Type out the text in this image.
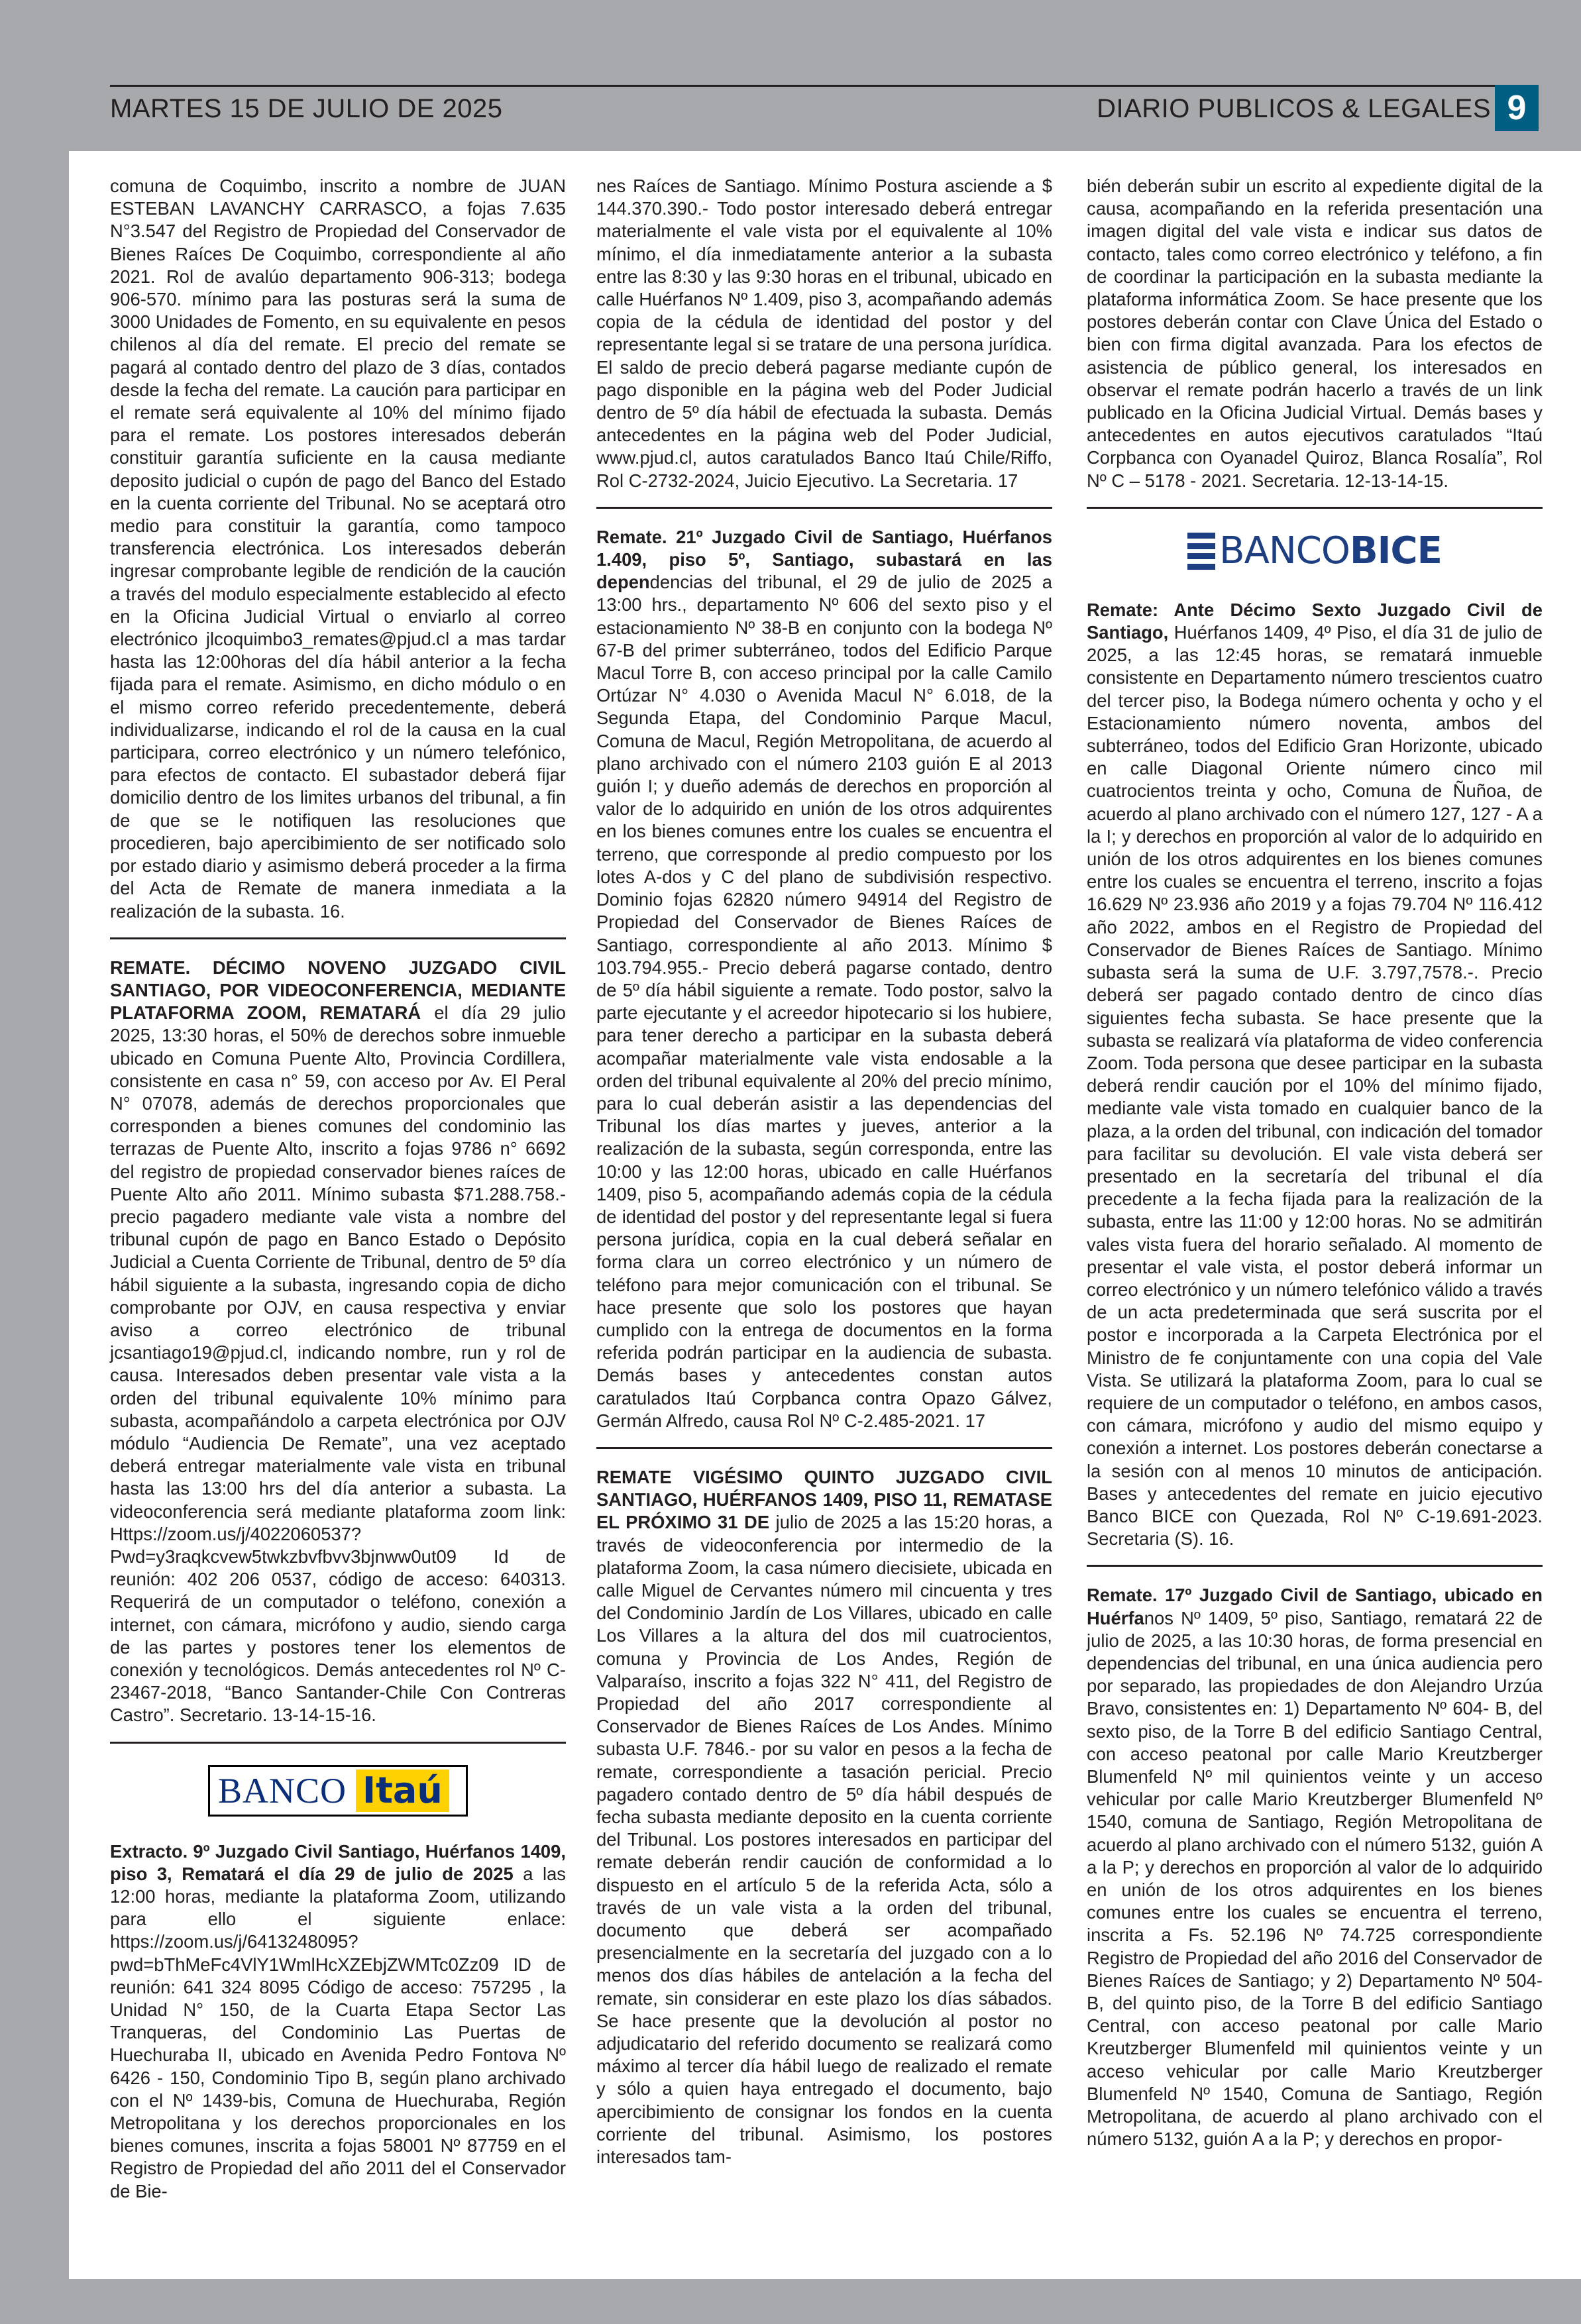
MARTES 15 DE JULIO DE 2025	DIARIO PUBLICOS & LEGALES 9

comuna de Coquimbo, inscrito a nombre de JUAN ESTEBAN LAVANCHY CARRASCO, a fojas 7.635 N°3.547 del Registro de Propiedad del Conservador de Bienes Raíces De Coquimbo, correspondiente al año 2021. Rol de avalúo departamento 906-313; bodega 906-570. mínimo para las posturas será la suma de 3000 Unidades de Fomento, en su equivalente en pesos chilenos al día del remate. El precio del remate se pagará al contado dentro del plazo de 3 días, contados desde la fecha del remate. La caución para participar en el remate será equivalente al 10% del mínimo fijado para el remate. Los postores interesados deberán constituir garantía suficiente en la causa mediante deposito judicial o cupón de pago del Banco del Estado en la cuenta corriente del Tribunal. No se aceptará otro medio para constituir la garantía, como tampoco transferencia electrónica. Los interesados deberán ingresar comprobante legible de rendición de la caución a través del modulo especialmente establecido al efecto en la Oficina Judicial Virtual o enviarlo al correo electrónico jlcoquimbo3_remates@pjud.cl a mas tardar hasta las 12:00horas del día hábil anterior a la fecha fijada para el remate. Asimismo, en dicho módulo o en el mismo correo referido precedentemente, deberá individualizarse, indicando el rol de la causa en la cual participara, correo electrónico y un número telefónico, para efectos de contacto. El subastador deberá fijar domicilio dentro de los limites urbanos del tribunal, a fin de que se le notifiquen las resoluciones que procedieren, bajo apercibimiento de ser notificado solo por estado diario y asimismo deberá proceder a la firma del Acta de Remate de manera inmediata a la realización de la subasta. 16.

REMATE. DÉCIMO NOVENO JUZGADO CIVIL SANTIAGO, POR VIDEOCONFERENCIA, MEDIANTE PLATAFORMA ZOOM, REMATARÁ el día 29 julio 2025, 13:30 horas, el 50% de derechos sobre inmueble ubicado en Comuna Puente Alto, Provincia Cordillera, consistente en casa n° 59, con acceso por Av. El Peral N° 07078, además de derechos proporcionales que corresponden a bienes comunes del condominio las terrazas de Puente Alto, inscrito a fojas 9786 n° 6692 del registro de propiedad conservador bienes raíces de Puente Alto año 2011. Mínimo subasta $71.288.758.- precio pagadero mediante vale vista a nombre del tribunal cupón de pago en Banco Estado o Depósito Judicial a Cuenta Corriente de Tribunal, dentro de 5º día hábil siguiente a la subasta, ingresando copia de dicho comprobante por OJV, en causa respectiva y enviar aviso a correo electrónico de tribunal jcsantiago19@pjud.cl, indicando nombre, run y rol de causa. Interesados deben presentar vale vista a la orden del tribunal equivalente 10% mínimo para subasta, acompañándolo a carpeta electrónica por OJV módulo “Audiencia De Remate”, una vez aceptado deberá entregar materialmente vale vista en tribunal hasta las 13:00 hrs del día anterior a subasta. La videoconferencia será mediante plataforma zoom link: Https://zoom.us/j/4022060537?Pwd=y3raqkcvew5twkzbvfbvv3bjnww0ut09 Id de reunión: 402 206 0537, código de acceso: 640313. Requerirá de un computador o teléfono, conexión a internet, con cámara, micrófono y audio, siendo carga de las partes y postores tener los elementos de conexión y tecnológicos. Demás antecedentes rol Nº C-23467-2018, “Banco Santander-Chile Con Contreras Castro”. Secretario. 13-14-15-16.

BANCO Itaú

Extracto. 9º Juzgado Civil Santiago, Huérfanos 1409, piso 3, Rematará el día 29 de julio de 2025 a las 12:00 horas, mediante la plataforma Zoom, utilizando para ello el siguiente enlace: https://zoom.us/j/6413248095?pwd=bThMeFc4VlY1WmlHcXZEbjZWMTc0Zz09 ID de reunión: 641 324 8095 Código de acceso: 757295 , la Unidad N° 150, de la Cuarta Etapa Sector Las Tranqueras, del Condominio Las Puertas de Huechuraba II, ubicado en Avenida Pedro Fontova Nº 6426 - 150, Condominio Tipo B, según plano archivado con el Nº 1439-bis, Comuna de Huechuraba, Región Metropolitana y los derechos proporcionales en los bienes comunes, inscrita a fojas 58001 Nº 87759 en el Registro de Propiedad del año 2011 del el Conservador de Bie-

nes Raíces de Santiago. Mínimo Postura asciende a $ 144.370.390.- Todo postor interesado deberá entregar materialmente el vale vista por el equivalente al 10% mínimo, el día inmediatamente anterior a la subasta entre las 8:30 y las 9:30 horas en el tribunal, ubicado en calle Huérfanos Nº 1.409, piso 3, acompañando además copia de la cédula de identidad del postor y del representante legal si se tratare de una persona jurídica. El saldo de precio deberá pagarse mediante cupón de pago disponible en la página web del Poder Judicial dentro de 5º día hábil de efectuada la subasta. Demás antecedentes en la página web del Poder Judicial, www.pjud.cl, autos caratulados Banco Itaú Chile/Riffo, Rol C-2732-2024, Juicio Ejecutivo. La Secretaria. 17

Remate. 21º Juzgado Civil de Santiago, Huérfanos 1.409, piso 5º, Santiago, subastará en las dependencias del tribunal, el 29 de julio de 2025 a 13:00 hrs., departamento Nº 606 del sexto piso y el estacionamiento Nº 38-B en conjunto con la bodega Nº 67-B del primer subterráneo, todos del Edificio Parque Macul Torre B, con acceso principal por la calle Camilo Ortúzar N° 4.030 o Avenida Macul N° 6.018, de la Segunda Etapa, del Condominio Parque Macul, Comuna de Macul, Región Metropolitana, de acuerdo al plano archivado con el número 2103 guión E al 2013 guión I; y dueño además de derechos en proporción al valor de lo adquirido en unión de los otros adquirentes en los bienes comunes entre los cuales se encuentra el terreno, que corresponde al predio compuesto por los lotes A-dos y C del plano de subdivisión respectivo. Dominio fojas 62820 número 94914 del Registro de Propiedad del Conservador de Bienes Raíces de Santiago, correspondiente al año 2013. Mínimo $ 103.794.955.- Precio deberá pagarse contado, dentro de 5º día hábil siguiente a remate. Todo postor, salvo la parte ejecutante y el acreedor hipotecario si los hubiere, para tener derecho a participar en la subasta deberá acompañar materialmente vale vista endosable a la orden del tribunal equivalente al 20% del precio mínimo, para lo cual deberán asistir a las dependencias del Tribunal los días martes y jueves, anterior a la realización de la subasta, según corresponda, entre las 10:00 y las 12:00 horas, ubicado en calle Huérfanos 1409, piso 5, acompañando además copia de la cédula de identidad del postor y del representante legal si fuera persona jurídica, copia en la cual deberá señalar en forma clara un correo electrónico y un número de teléfono para mejor comunicación con el tribunal. Se hace presente que solo los postores que hayan cumplido con la entrega de documentos en la forma referida podrán participar en la audiencia de subasta. Demás bases y antecedentes constan autos caratulados Itaú Corpbanca contra Opazo Gálvez, Germán Alfredo, causa Rol Nº C-2.485-2021. 17

REMATE VIGÉSIMO QUINTO JUZGADO CIVIL SANTIAGO, HUÉRFANOS 1409, PISO 11, REMATASE EL PRÓXIMO 31 DE julio de 2025 a las 15:20 horas, a través de videoconferencia por intermedio de la plataforma Zoom, la casa número diecisiete, ubicada en calle Miguel de Cervantes número mil cincuenta y tres del Condominio Jardín de Los Villares, ubicado en calle Los Villares a la altura del dos mil cuatrocientos, comuna y Provincia de Los Andes, Región de Valparaíso, inscrito a fojas 322 N° 411, del Registro de Propiedad del año 2017 correspondiente al Conservador de Bienes Raíces de Los Andes. Mínimo subasta U.F. 7846.- por su valor en pesos a la fecha de remate, correspondiente a tasación pericial. Precio pagadero contado dentro de 5º día hábil después de fecha subasta mediante deposito en la cuenta corriente del Tribunal. Los postores interesados en participar del remate deberán rendir caución de conformidad a lo dispuesto en el artículo 5 de la referida Acta, sólo a través de un vale vista a la orden del tribunal, documento que deberá ser acompañado presencialmente en la secretaría del juzgado con a lo menos dos días hábiles de antelación a la fecha del remate, sin considerar en este plazo los días sábados. Se hace presente que la devolución al postor no adjudicatario del referido documento se realizará como máximo al tercer día hábil luego de realizado el remate y sólo a quien haya entregado el documento, bajo apercibimiento de consignar los fondos en la cuenta corriente del tribunal. Asimismo, los postores interesados tam-

bién deberán subir un escrito al expediente digital de la causa, acompañando en la referida presentación una imagen digital del vale vista e indicar sus datos de contacto, tales como correo electrónico y teléfono, a fin de coordinar la participación en la subasta mediante la plataforma informática Zoom. Se hace presente que los postores deberán contar con Clave Única del Estado o bien con firma digital avanzada. Para los efectos de asistencia de público general, los interesados en observar el remate podrán hacerlo a través de un link publicado en la Oficina Judicial Virtual. Demás bases y antecedentes en autos ejecutivos caratulados “Itaú Corpbanca con Oyanadel Quiroz, Blanca Rosalía”, Rol Nº C – 5178 - 2021. Secretaria. 12-13-14-15.

BANCOBICE

Remate: Ante Décimo Sexto Juzgado Civil de Santiago, Huérfanos 1409, 4º Piso, el día 31 de julio de 2025, a las 12:45 horas, se rematará inmueble consistente en Departamento número trescientos cuatro del tercer piso, la Bodega número ochenta y ocho y el Estacionamiento número noventa, ambos del subterráneo, todos del Edificio Gran Horizonte, ubicado en calle Diagonal Oriente número cinco mil cuatrocientos treinta y ocho, Comuna de Ñuñoa, de acuerdo al plano archivado con el número 127, 127 - A a la I; y derechos en proporción al valor de lo adquirido en unión de los otros adquirentes en los bienes comunes entre los cuales se encuentra el terreno, inscrito a fojas 16.629 Nº 23.936 año 2019 y a fojas 79.704 Nº 116.412 año 2022, ambos en el Registro de Propiedad del Conservador de Bienes Raíces de Santiago. Mínimo subasta será la suma de U.F. 3.797,7578.-. Precio deberá ser pagado contado dentro de cinco días siguientes fecha subasta. Se hace presente que la subasta se realizará vía plataforma de video conferencia Zoom. Toda persona que desee participar en la subasta deberá rendir caución por el 10% del mínimo fijado, mediante vale vista tomado en cualquier banco de la plaza, a la orden del tribunal, con indicación del tomador para facilitar su devolución. El vale vista deberá ser presentado en la secretaría del tribunal el día precedente a la fecha fijada para la realización de la subasta, entre las 11:00 y 12:00 horas. No se admitirán vales vista fuera del horario señalado. Al momento de presentar el vale vista, el postor deberá informar un correo electrónico y un número telefónico válido a través de un acta predeterminada que será suscrita por el postor e incorporada a la Carpeta Electrónica por el Ministro de fe conjuntamente con una copia del Vale Vista. Se utilizará la plataforma Zoom, para lo cual se requiere de un computador o teléfono, en ambos casos, con cámara, micrófono y audio del mismo equipo y conexión a internet. Los postores deberán conectarse a la sesión con al menos 10 minutos de anticipación. Bases y antecedentes del remate en juicio ejecutivo Banco BICE con Quezada, Rol Nº C-19.691-2023. Secretaria (S). 16.

Remate. 17º Juzgado Civil de Santiago, ubicado en Huérfanos Nº 1409, 5º piso, Santiago, rematará 22 de julio de 2025, a las 10:30 horas, de forma presencial en dependencias del tribunal, en una única audiencia pero por separado, las propiedades de don Alejandro Urzúa Bravo, consistentes en: 1) Departamento Nº 604- B, del sexto piso, de la Torre B del edificio Santiago Central, con acceso peatonal por calle Mario Kreutzberger Blumenfeld Nº mil quinientos veinte y un acceso vehicular por calle Mario Kreutzberger Blumenfeld Nº 1540, comuna de Santiago, Región Metropolitana de acuerdo al plano archivado con el número 5132, guión A a la P; y derechos en proporción al valor de lo adquirido en unión de los otros adquirentes en los bienes comunes entre los cuales se encuentra el terreno, inscrita a Fs. 52.196 Nº 74.725 correspondiente Registro de Propiedad del año 2016 del Conservador de Bienes Raíces de Santiago; y 2) Departamento Nº 504- B, del quinto piso, de la Torre B del edificio Santiago Central, con acceso peatonal por calle Mario Kreutzberger Blumenfeld mil quinientos veinte y un acceso vehicular por calle Mario Kreutzberger Blumenfeld Nº 1540, Comuna de Santiago, Región Metropolitana, de acuerdo al plano archivado con el número 5132, guión A a la P; y derechos en propor-
